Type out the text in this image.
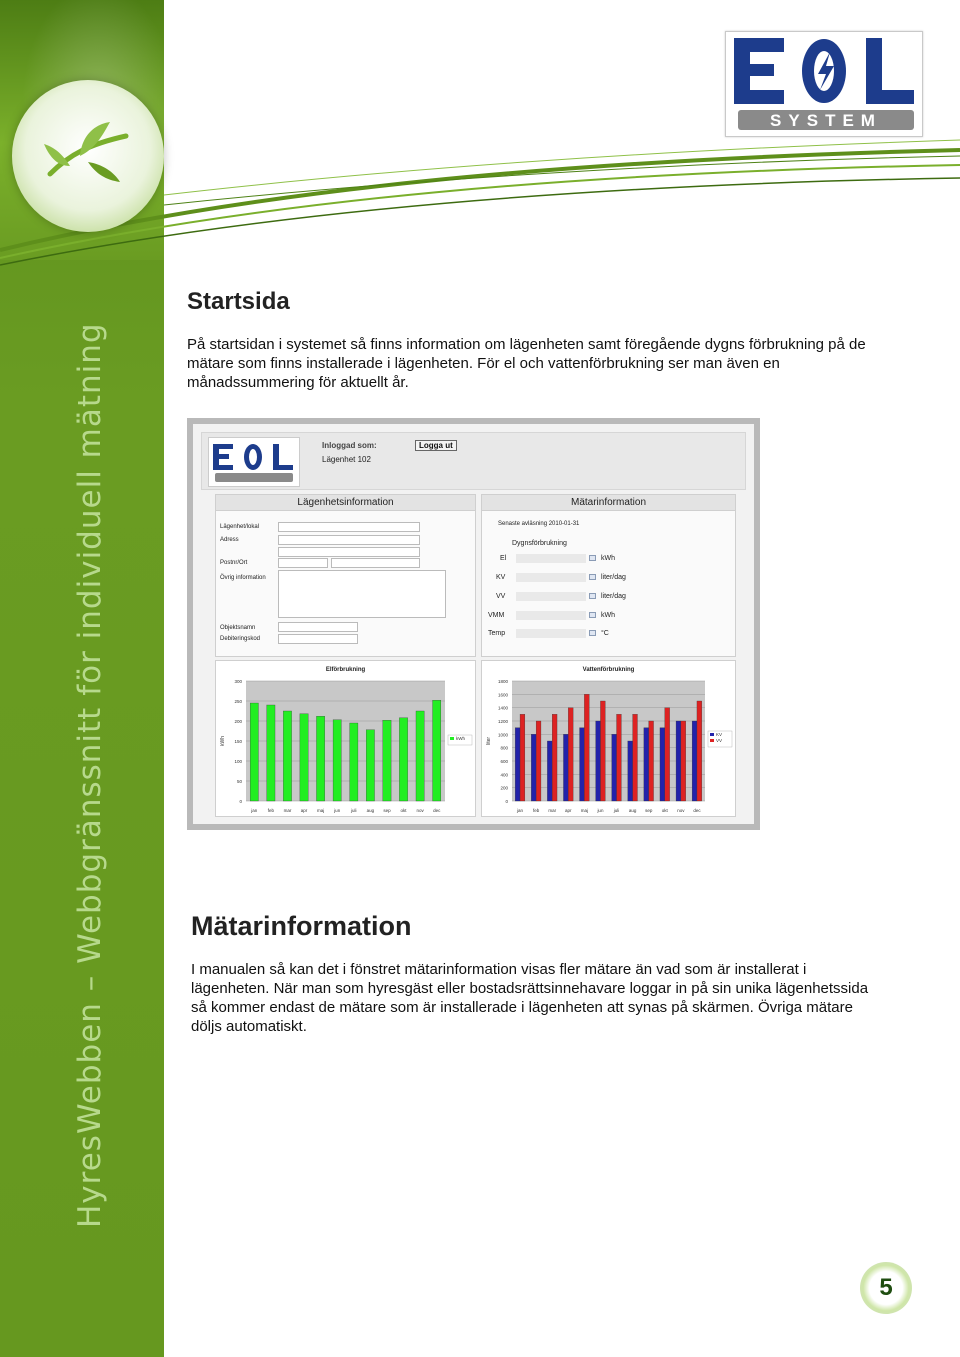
HyresWebben – Webbgränssnitt för individuell mätning
SYSTEM
Startsida
På startsidan i systemet så finns information om lägenheten samt föregående dygns förbrukning på de mätare som finns installerade i lägenheten. För el och vattenförbrukning ser man även en månadssummering för aktuellt år.
Inloggad som:
Lägenhet 102
Logga ut
Lägenhetsinformation
Lägenhet/lokal
Adress
Postnr/Ort
Övrig information
Objektsnamn
Debiteringskod
Mätarinformation
Senaste avläsning 2010-01-31
Dygnsförbrukning
El	kWh
KV	liter/dag
VV	liter/dag
VMM	kWh
Temp	°C
Elförbrukning
0
50
100
150
200
250
300
kWh
jan feb mar apr maj jun juli aug sep okt nov dec
kWh
Vattenförbrukning
0
200
400
600
800
1000
1200
1400
1600
1800
liter
jan feb mar apr maj jun juli aug sep okt nov dec
KV
VV
Mätarinformation
I manualen så kan det i fönstret mätarinformation visas fler mätare än vad som är installerat i lägenheten. När man som hyresgäst eller bostadsrättsinnehavare loggar in på sin unika lägenhetssida så kommer endast de mätare som är installerade i lägenheten att synas på skärmen. Övriga mätare döljs automatiskt.
5
